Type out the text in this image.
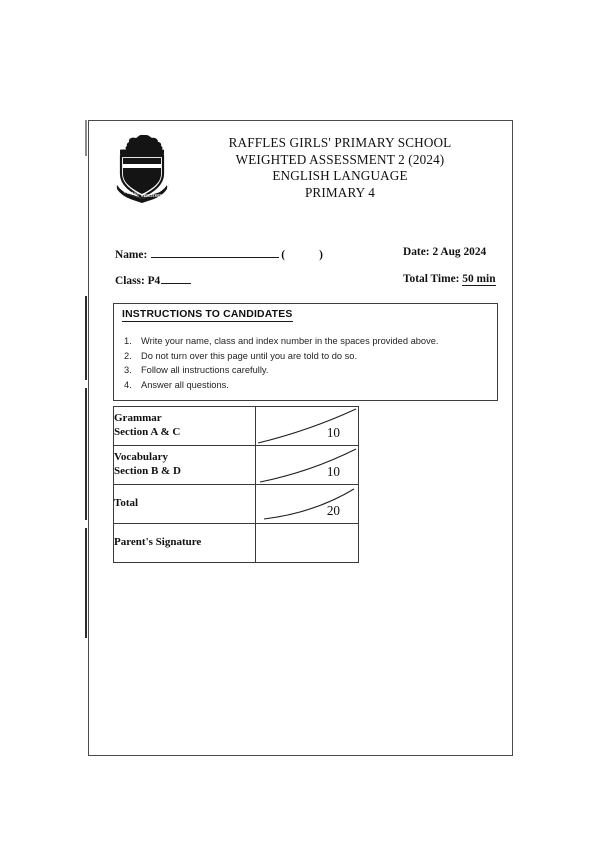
FILIAE MELIORES
RAFFLES GIRLS' PRIMARY SCHOOL
WEIGHTED ASSESSMENT 2 (2024)
ENGLISH LANGUAGE
PRIMARY 4
Name:	(	)	Date: 2 Aug 2024
Class: P4	Total Time: 50 min
INSTRUCTIONS TO CANDIDATES
1. Write your name, class and index number in the spaces provided above.
2. Do not turn over this page until you are told to do so.
3. Follow all instructions carefully.
4. Answer all questions.
Grammar
Section A & C	10

Vocabulary
Section B & D	10

Total	20

Parent's Signature
